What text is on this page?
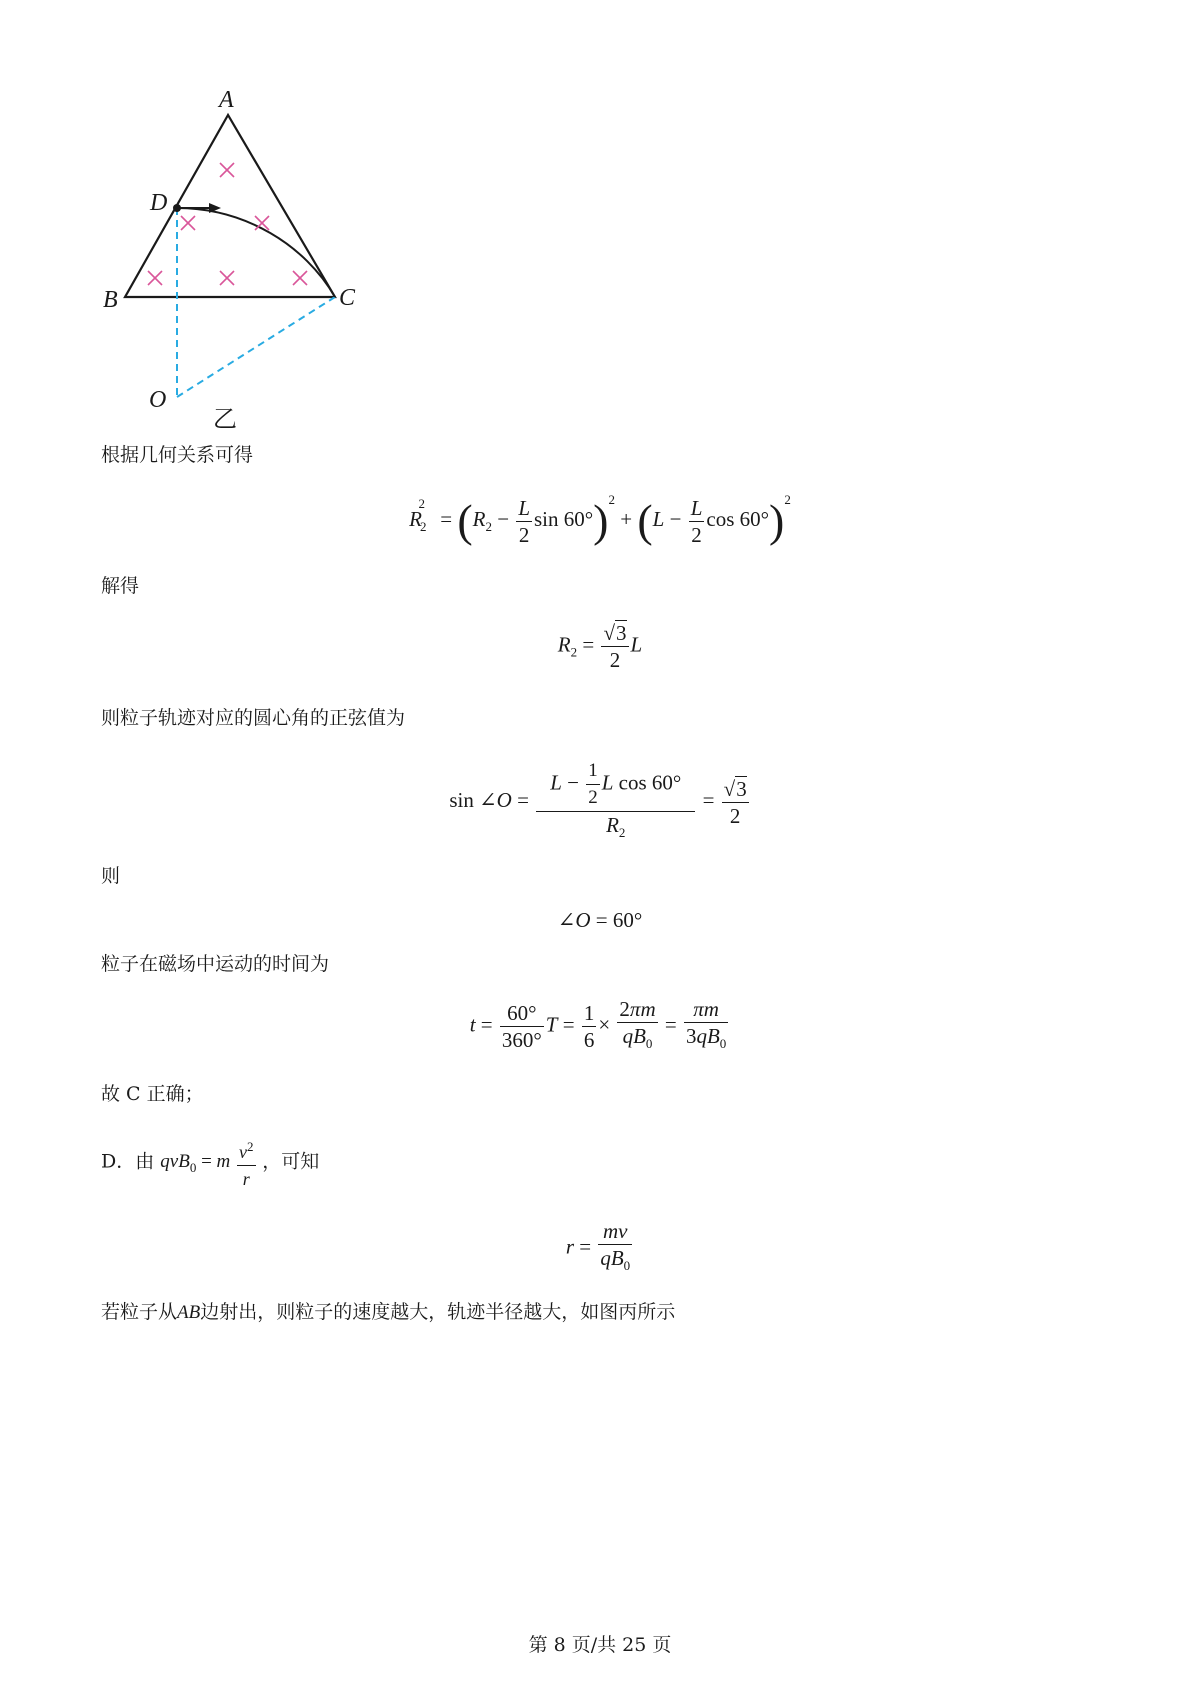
A
D
B	C
O
乙
根据几何关系可得
$R_2^2 = (R_2 - \frac{L}{2}$ $\sin 60^\circ)^2 + (L - \frac{L}{2}$ $\cos 60^\circ)^2$
解得
$R_2 = \frac{√3}{2}$ L
则粒子轨迹对应的圆心角的正弦值为
sin ∠O = $\frac{L - \frac{1}{2} L \cos 60^\circ}{R_2} = \frac{√3}{2}$
则
∠O = 60°
粒子在磁场中运动的时间为
$t = \frac{60^\circ}{360^\circ}$ $T = \frac{1}{6} \times \frac{2\pi m}{qB_0} = \frac{\pi m}{3qB_0}$
故 C 正确；
D．由 qvB$_0$ = m $\frac{v^2}{r}$ ，可知
$r = \frac{mv}{qB_0}$
若粒子从AB边射出，则粒子的速度越大，轨迹半径越大，如图丙所示
第 8 页/共 25 页
